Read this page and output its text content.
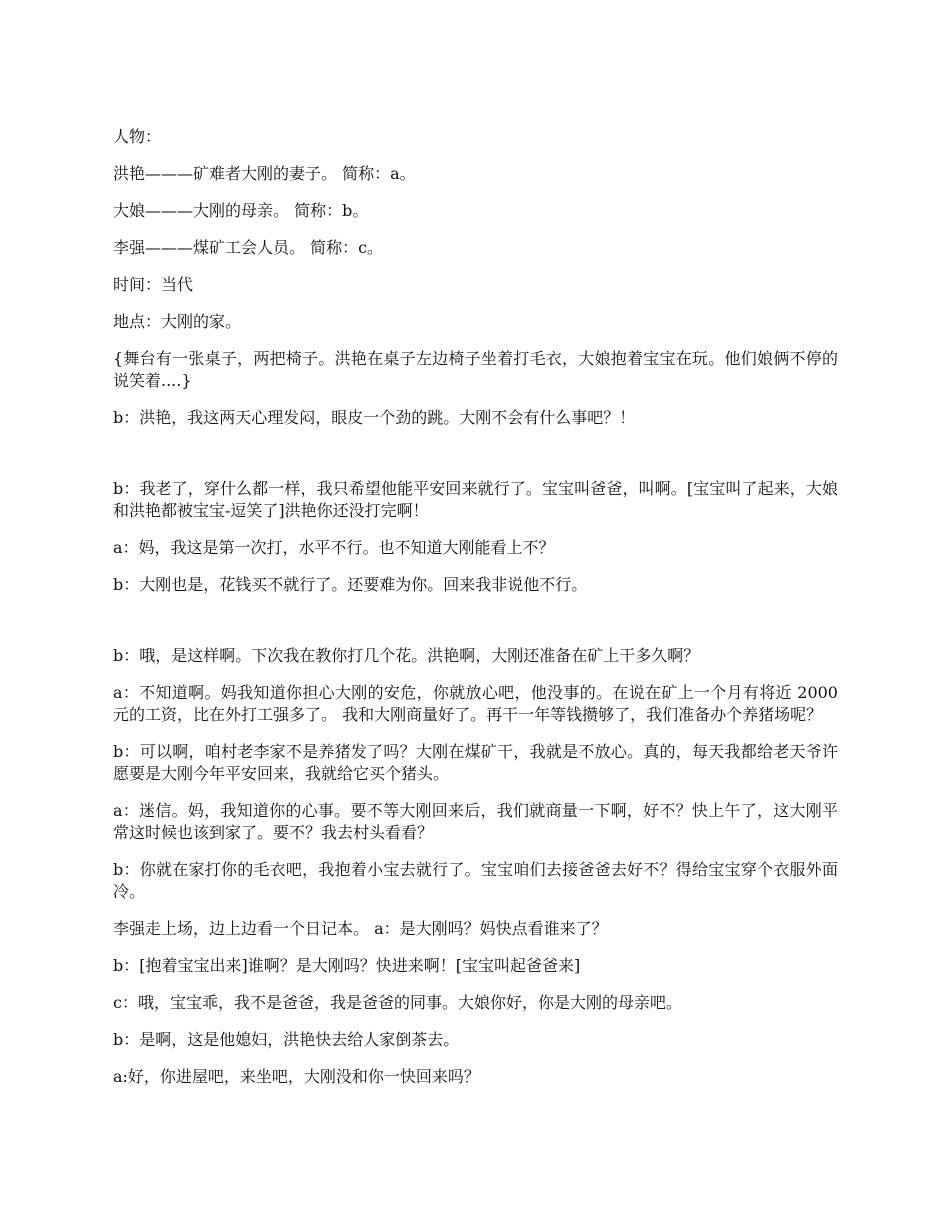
人物：

洪艳———矿难者大刚的妻子。 简称：a。

大娘———大刚的母亲。 简称：b。

李强———煤矿工会人员。 简称：c。

时间：当代

地点：大刚的家。

{舞台有一张桌子，两把椅子。洪艳在桌子左边椅子坐着打毛衣，大娘抱着宝宝在玩。他们娘俩不停的说笑着....}

b：洪艳，我这两天心理发闷，眼皮一个劲的跳。大刚不会有什么事吧？！

b：我老了，穿什么都一样，我只希望他能平安回来就行了。宝宝叫爸爸，叫啊。[宝宝叫了起来，大娘和洪艳都被宝宝-逗笑了]洪艳你还没打完啊！

a：妈，我这是第一次打，水平不行。也不知道大刚能看上不？

b：大刚也是，花钱买不就行了。还要难为你。回来我非说他不行。

b：哦，是这样啊。下次我在教你打几个花。洪艳啊，大刚还准备在矿上干多久啊？

a：不知道啊。妈我知道你担心大刚的安危，你就放心吧，他没事的。在说在矿上一个月有将近 2000 元的工资，比在外打工强多了。 我和大刚商量好了。再干一年等钱攒够了，我们准备办个养猪场呢？

b：可以啊，咱村老李家不是养猪发了吗？大刚在煤矿干，我就是不放心。真的，每天我都给老天爷许愿要是大刚今年平安回来，我就给它买个猪头。

a：迷信。妈，我知道你的心事。要不等大刚回来后，我们就商量一下啊，好不？快上午了，这大刚平常这时候也该到家了。要不？我去村头看看？

b：你就在家打你的毛衣吧，我抱着小宝去就行了。宝宝咱们去接爸爸去好不？得给宝宝穿个衣服外面冷。

李强走上场，边上边看一个日记本。 a：是大刚吗？妈快点看谁来了？

b：[抱着宝宝出来]谁啊？是大刚吗？快进来啊！[宝宝叫起爸爸来]

c：哦，宝宝乖，我不是爸爸，我是爸爸的同事。大娘你好，你是大刚的母亲吧。

b：是啊，这是他媳妇，洪艳快去给人家倒茶去。

a:好，你进屋吧，来坐吧，大刚没和你一快回来吗？
